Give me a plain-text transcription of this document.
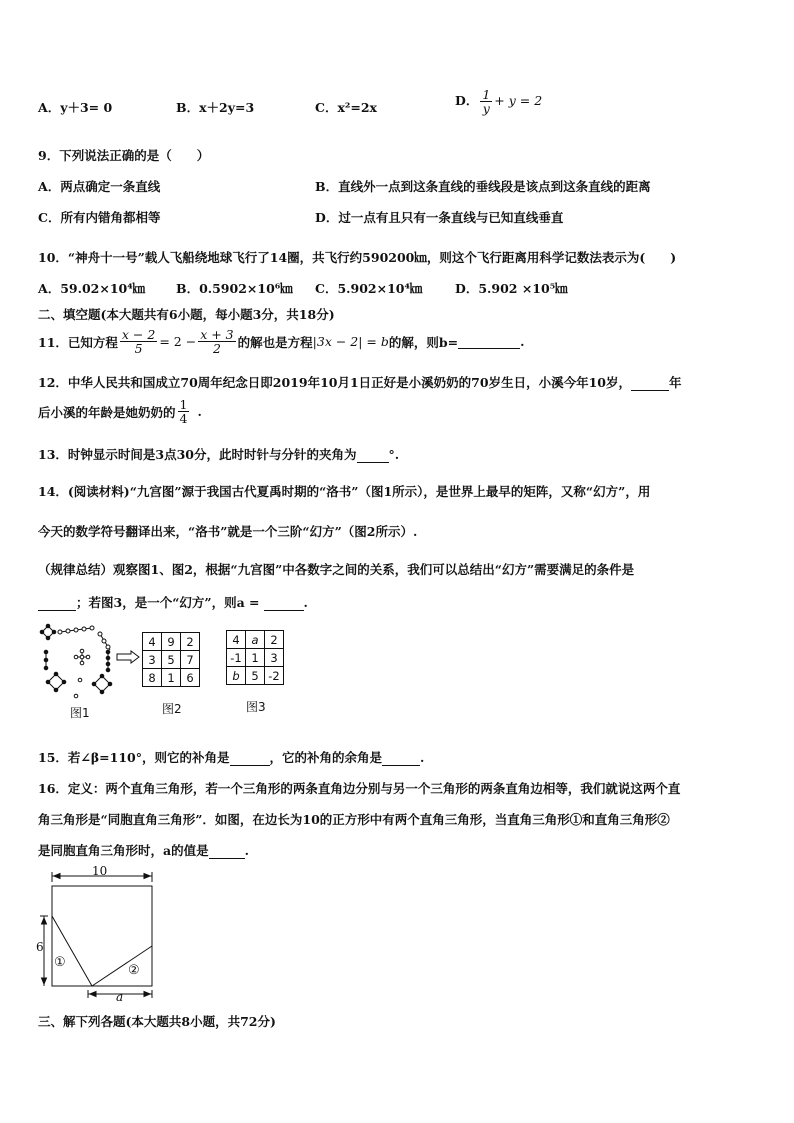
A．y＋3= 0	B．x＋2y=3	C．x²=2x	D． $\frac{1}{y} + y = 2$
9．下列说法正确的是（　　）
A．两点确定一条直线	B．直线外一点到这条直线的垂线段是该点到这条直线的距离
C．所有内错角都相等	D．过一点有且只有一条直线与已知直线垂直
10．“神舟十一号”载人飞船绕地球飞行了14圈，共飞行约590200㎞，则这个飞行距离用科学记数法表示为(　　)
A．59.02×10⁴㎞ B．0.5902×10⁶㎞ C．5.902×10⁴㎞	D．5.902 ×10⁵㎞
二、填空题(本大题共有6小题，每小题3分，共18分)
11．已知方程 $\frac{x - 2}{5} = 2 - \frac{x + 3}{2}$ 的解也是方程 |3x − 2| = b 的解，则b=	.
12．中华人民共和国成立70周年纪念日即2019年10月1日正好是小溪奶奶的70岁生日，小溪今年10岁，	年
后小溪的年龄是她奶奶的 $\frac{1}{4}$ .
13．时钟显示时间是3点30分，此时时针与分针的夹角为	°.
14．(阅读材料)“九宫图”源于我国古代夏禹时期的“洛书”（图1所示），是世界上最早的矩阵，又称“幻方”，用
今天的数学符号翻译出来，“洛书”就是一个三阶“幻方”（图2所示）.
（规律总结）观察图1、图2，根据“九宫图”中各数字之间的关系，我们可以总结出“幻方”需要满足的条件是
；若图3，是一个“幻方”，则a =	.
图1
4	9	2
3	5	7
8	1	6
图2
4	a	2
-1	1	3
b	5	-2
图3
15．若∠β=110°，则它的补角是	，它的补角的余角是	.
16．定义：两个直角三角形，若一个三角形的两条直角边分别与另一个三角形的两条直角边相等，我们就说这两个直
角三角形是“同胞直角三角形”．如图，在边长为10的正方形中有两个直角三角形，当直角三角形①和直角三角形②
是同胞直角三角形时，a的值是	.
10
6
①
②
a
三、解下列各题(本大题共8小题，共72分)
